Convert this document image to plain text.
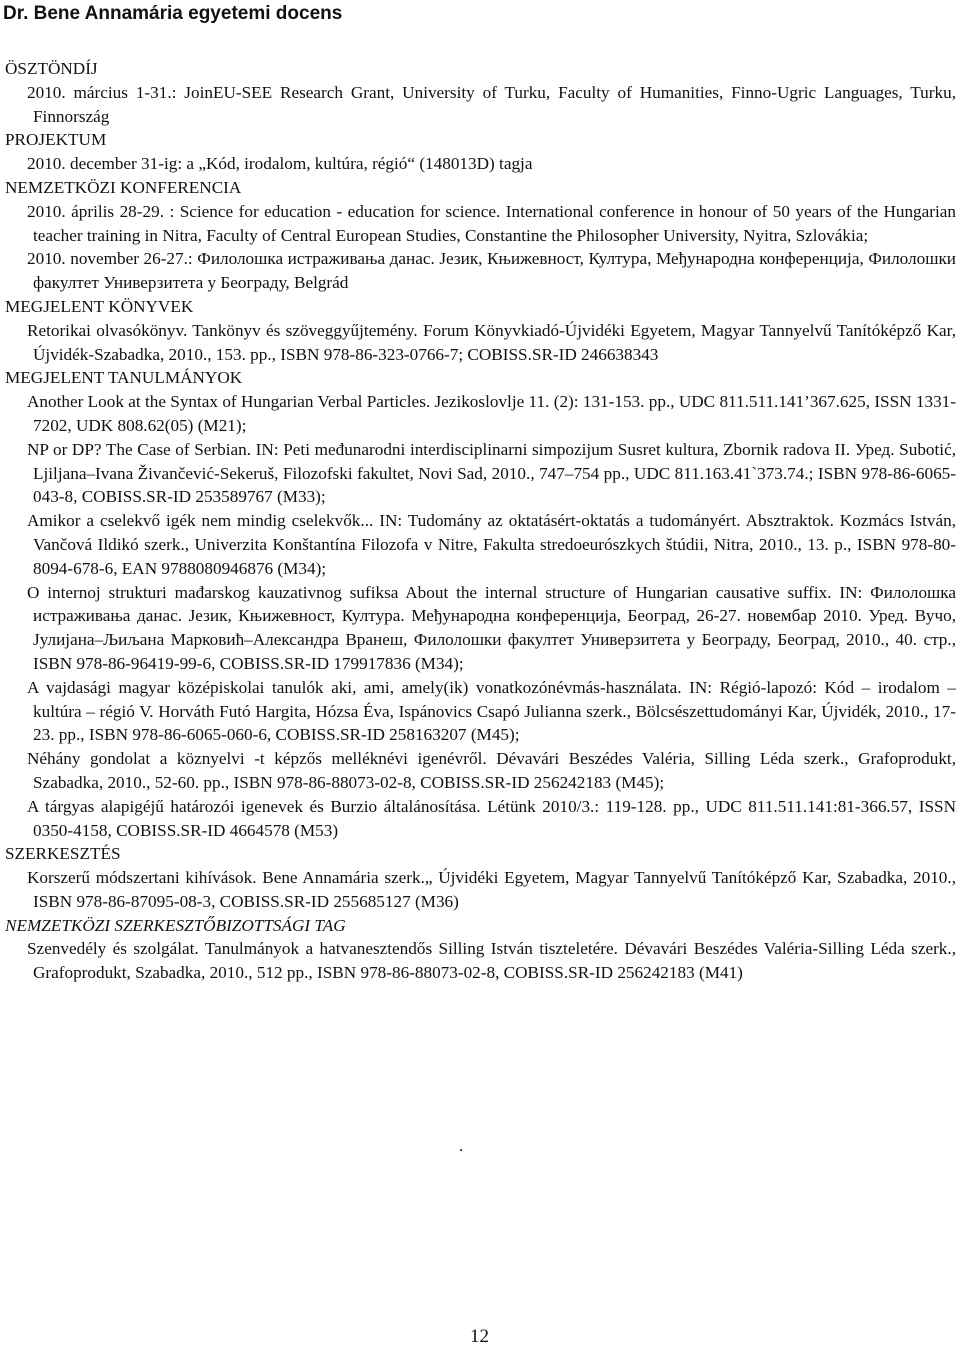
Dr. Bene Annamária egyetemi docens
ÖSZTÖNDÍJ
2010. március 1-31.: JoinEU-SEE Research Grant, University of Turku, Faculty of Humanities, Finno-Ugric Languages, Turku, Finnország
PROJEKTUM
2010. december 31-ig: a „Kód, irodalom, kultúra, régió“ (148013D) tagja
NEMZETKÖZI KONFERENCIA
2010. április 28-29. : Science for education - education for science. International conference in honour of 50 years of the Hungarian teacher training in Nitra, Faculty of Central European Studies, Constantine the Philosopher University, Nyitra, Szlovákia;
2010. november 26-27.: Филолошка истраживања данас. Језик, Књижевност, Култура, Међународна конференција, Филолошки факултет Универзитета у Београду, Belgrád
MEGJELENT KÖNYVEK
Retorikai olvasókönyv. Tankönyv és szöveggyűjtemény. Forum Könyvkiadó-Újvidéki Egyetem, Magyar Tannyelvű Tanítóképző Kar, Újvidék-Szabadka, 2010., 153. pp., ISBN 978-86-323-0766-7; COBISS.SR-ID 246638343
MEGJELENT TANULMÁNYOK
Another Look at the Syntax of Hungarian Verbal Particles. Jezikoslovlje 11. (2): 131-153. pp., UDC 811.511.141’367.625, ISSN 1331-7202, UDK 808.62(05) (M21);
NP or DP? The Case of Serbian. IN: Peti međunarodni interdisciplinarni simpozijum Susret kultura, Zbornik radova II. Уред. Subotić, Ljiljana–Ivana Živančević-Sekeruš, Filozofski fakultet, Novi Sad, 2010., 747–754 pp., UDC 811.163.41`373.74.; ISBN 978-86-6065-043-8, COBISS.SR-ID 253589767 (M33);
Amikor a cselekvő igék nem mindig cselekvők... IN: Tudomány az oktatásért-oktatás a tudományért. Absztraktok. Kozmács István, Vančová Ildikó szerk., Univerzita Konštantína Filozofa v Nitre, Fakulta stredoeurószkych štúdii, Nitra, 2010., 13. p., ISBN 978-80-8094-678-6, EAN 9788080946876 (M34);
O internoj strukturi mađarskog kauzativnog sufiksa About the internal structure of Hungarian causative suffix. IN: Филолошка истраживања данас. Језик, Књижевност, Култура. Међународна конференција, Београд, 26-27. новембар 2010. Уред. Вучо, Јулијана–Љиљана Марковић–Александра Вранеш, Филолошки факултет Универзитета у Београду, Београд, 2010., 40. стр., ISBN 978-86-96419-99-6, COBISS.SR-ID 179917836 (M34);
A vajdasági magyar középiskolai tanulók aki, ami, amely(ik) vonatkozónévmás-használata. IN: Régió-lapozó: Kód – irodalom – kultúra – régió V. Horváth Futó Hargita, Hózsa Éva, Ispánovics Csapó Julianna szerk., Bölcsészettudományi Kar, Újvidék, 2010., 17-23. pp., ISBN 978-86-6065-060-6, COBISS.SR-ID 258163207 (M45);
Néhány gondolat a köznyelvi -t képzős melléknévi igenévről. Dévavári Beszédes Valéria, Silling Léda szerk., Grafoprodukt, Szabadka, 2010., 52-60. pp., ISBN 978-86-88073-02-8, COBISS.SR-ID 256242183 (M45);
A tárgyas alapigéjű határozói igenevek és Burzio általánosítása. Létünk 2010/3.: 119-128. pp., UDC 811.511.141:81-366.57, ISSN 0350-4158, COBISS.SR-ID 4664578 (M53)
SZERKESZTÉS
Korszerű módszertani kihívások. Bene Annamária szerk.„ Újvidéki Egyetem, Magyar Tannyelvű Tanítóképző Kar, Szabadka, 2010., ISBN 978-86-87095-08-3, COBISS.SR-ID 255685127 (M36)
NEMZETKÖZI SZERKESZTŐBIZOTTSÁGI TAG
Szenvedély és szolgálat. Tanulmányok a hatvanesztendős Silling István tiszteletére. Dévavári Beszédes Valéria-Silling Léda szerk., Grafoprodukt, Szabadka, 2010., 512 pp., ISBN 978-86-88073-02-8, COBISS.SR-ID 256242183 (M41)
.
12
